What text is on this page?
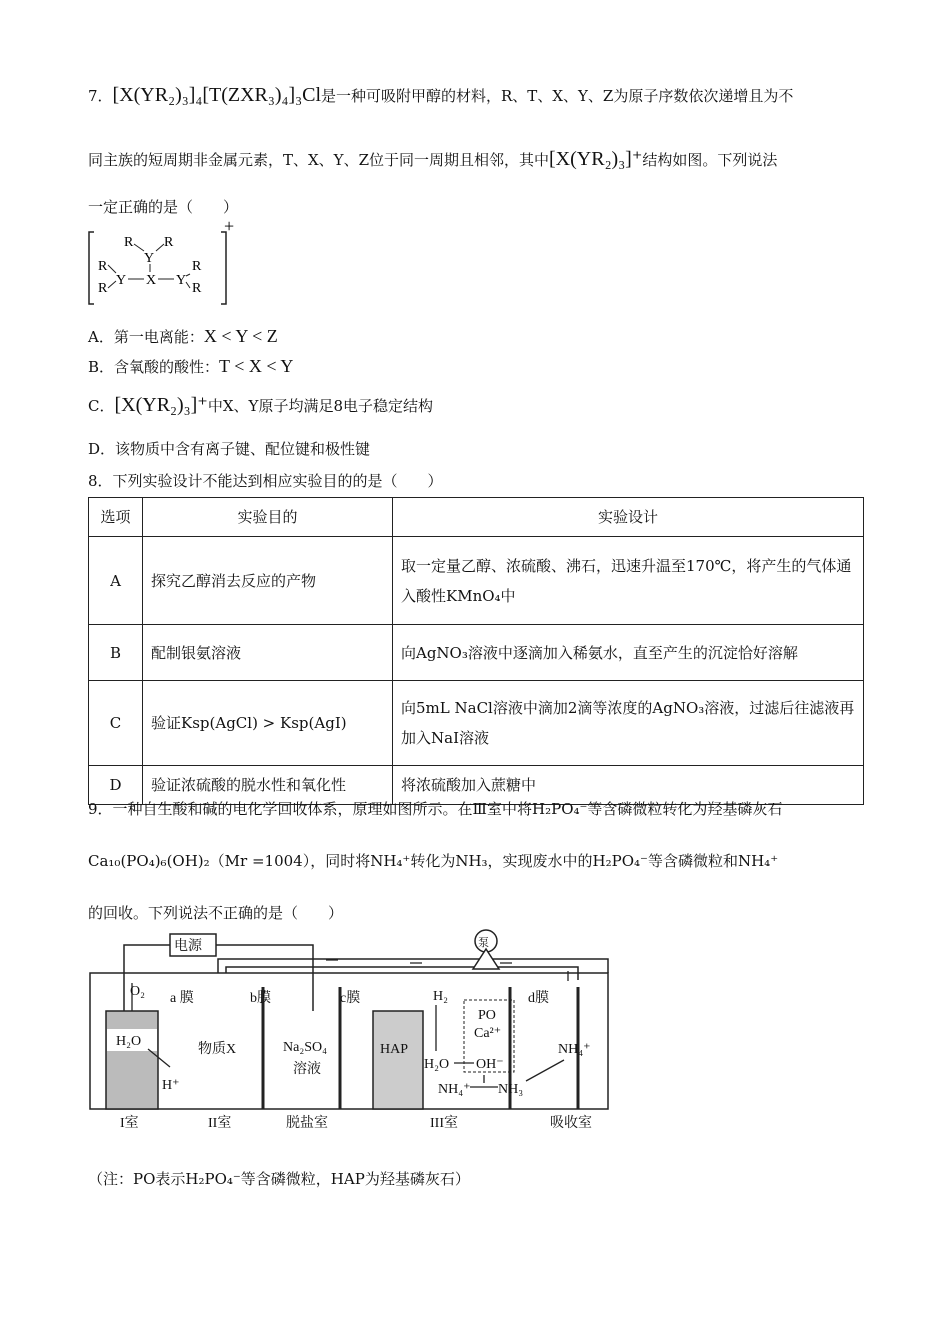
7．[X(YR₂)₃]₄[T(ZXR₃)₄]₃Cl是一种可吸附甲醇的材料，R、T、X、Y、Z为原子序数依次递增且为不
同主族的短周期非金属元素，T、X、Y、Z位于同一周期且相邻，其中[X(YR₂)₃]⁺结构如图。下列说法
一定正确的是（　　）
+
R R
Y
R
R
R
R
Y X Y
A．第一电离能：X < Y < Z
B．含氧酸的酸性：T < X < Y
C．[X(YR₂)₃]⁺中X、Y原子均满足8电子稳定结构
D．该物质中含有离子键、配位键和极性键
8．下列实验设计不能达到相应实验目的的是（　　）
选项	实验目的	实验设计
A	探究乙醇消去反应的产物	取一定量乙醇、浓硫酸、沸石，迅速升温至170℃，将产生的气体通入酸性KMnO₄中
B	配制银氨溶液	向AgNO₃溶液中逐滴加入稀氨水，直至产生的沉淀恰好溶解
C	验证Ksp(AgCl) > Ksp(AgI)	向5mL NaCl溶液中滴加2滴等浓度的AgNO₃溶液，过滤后往滤液再加入NaI溶液
D	验证浓硫酸的脱水性和氧化性	将浓硫酸加入蔗糖中
9．一种自生酸和碱的电化学回收体系，原理如图所示。在Ⅲ室中将H₂PO₄⁻等含磷微粒转化为羟基磷灰石
Ca₁₀(PO₄)₆(OH)₂（Mr =1004），同时将NH₄⁺转化为NH₃，实现废水中的H₂PO₄⁻等含磷微粒和NH₄⁺
的回收。下列说法不正确的是（　　）
电源	泵
O₂
H₂O
H⁺
a 膜	b膜	c膜	d膜
物质X	Na₂SO₄
溶液
HAP
H₂
PO
Ca²⁺
H₂O OH⁻
NH₄⁺ NH₃
NH₄⁺
I室	II室	脱盐室	III室	吸收室
（注：PO表示H₂PO₄⁻等含磷微粒，HAP为羟基磷灰石）
